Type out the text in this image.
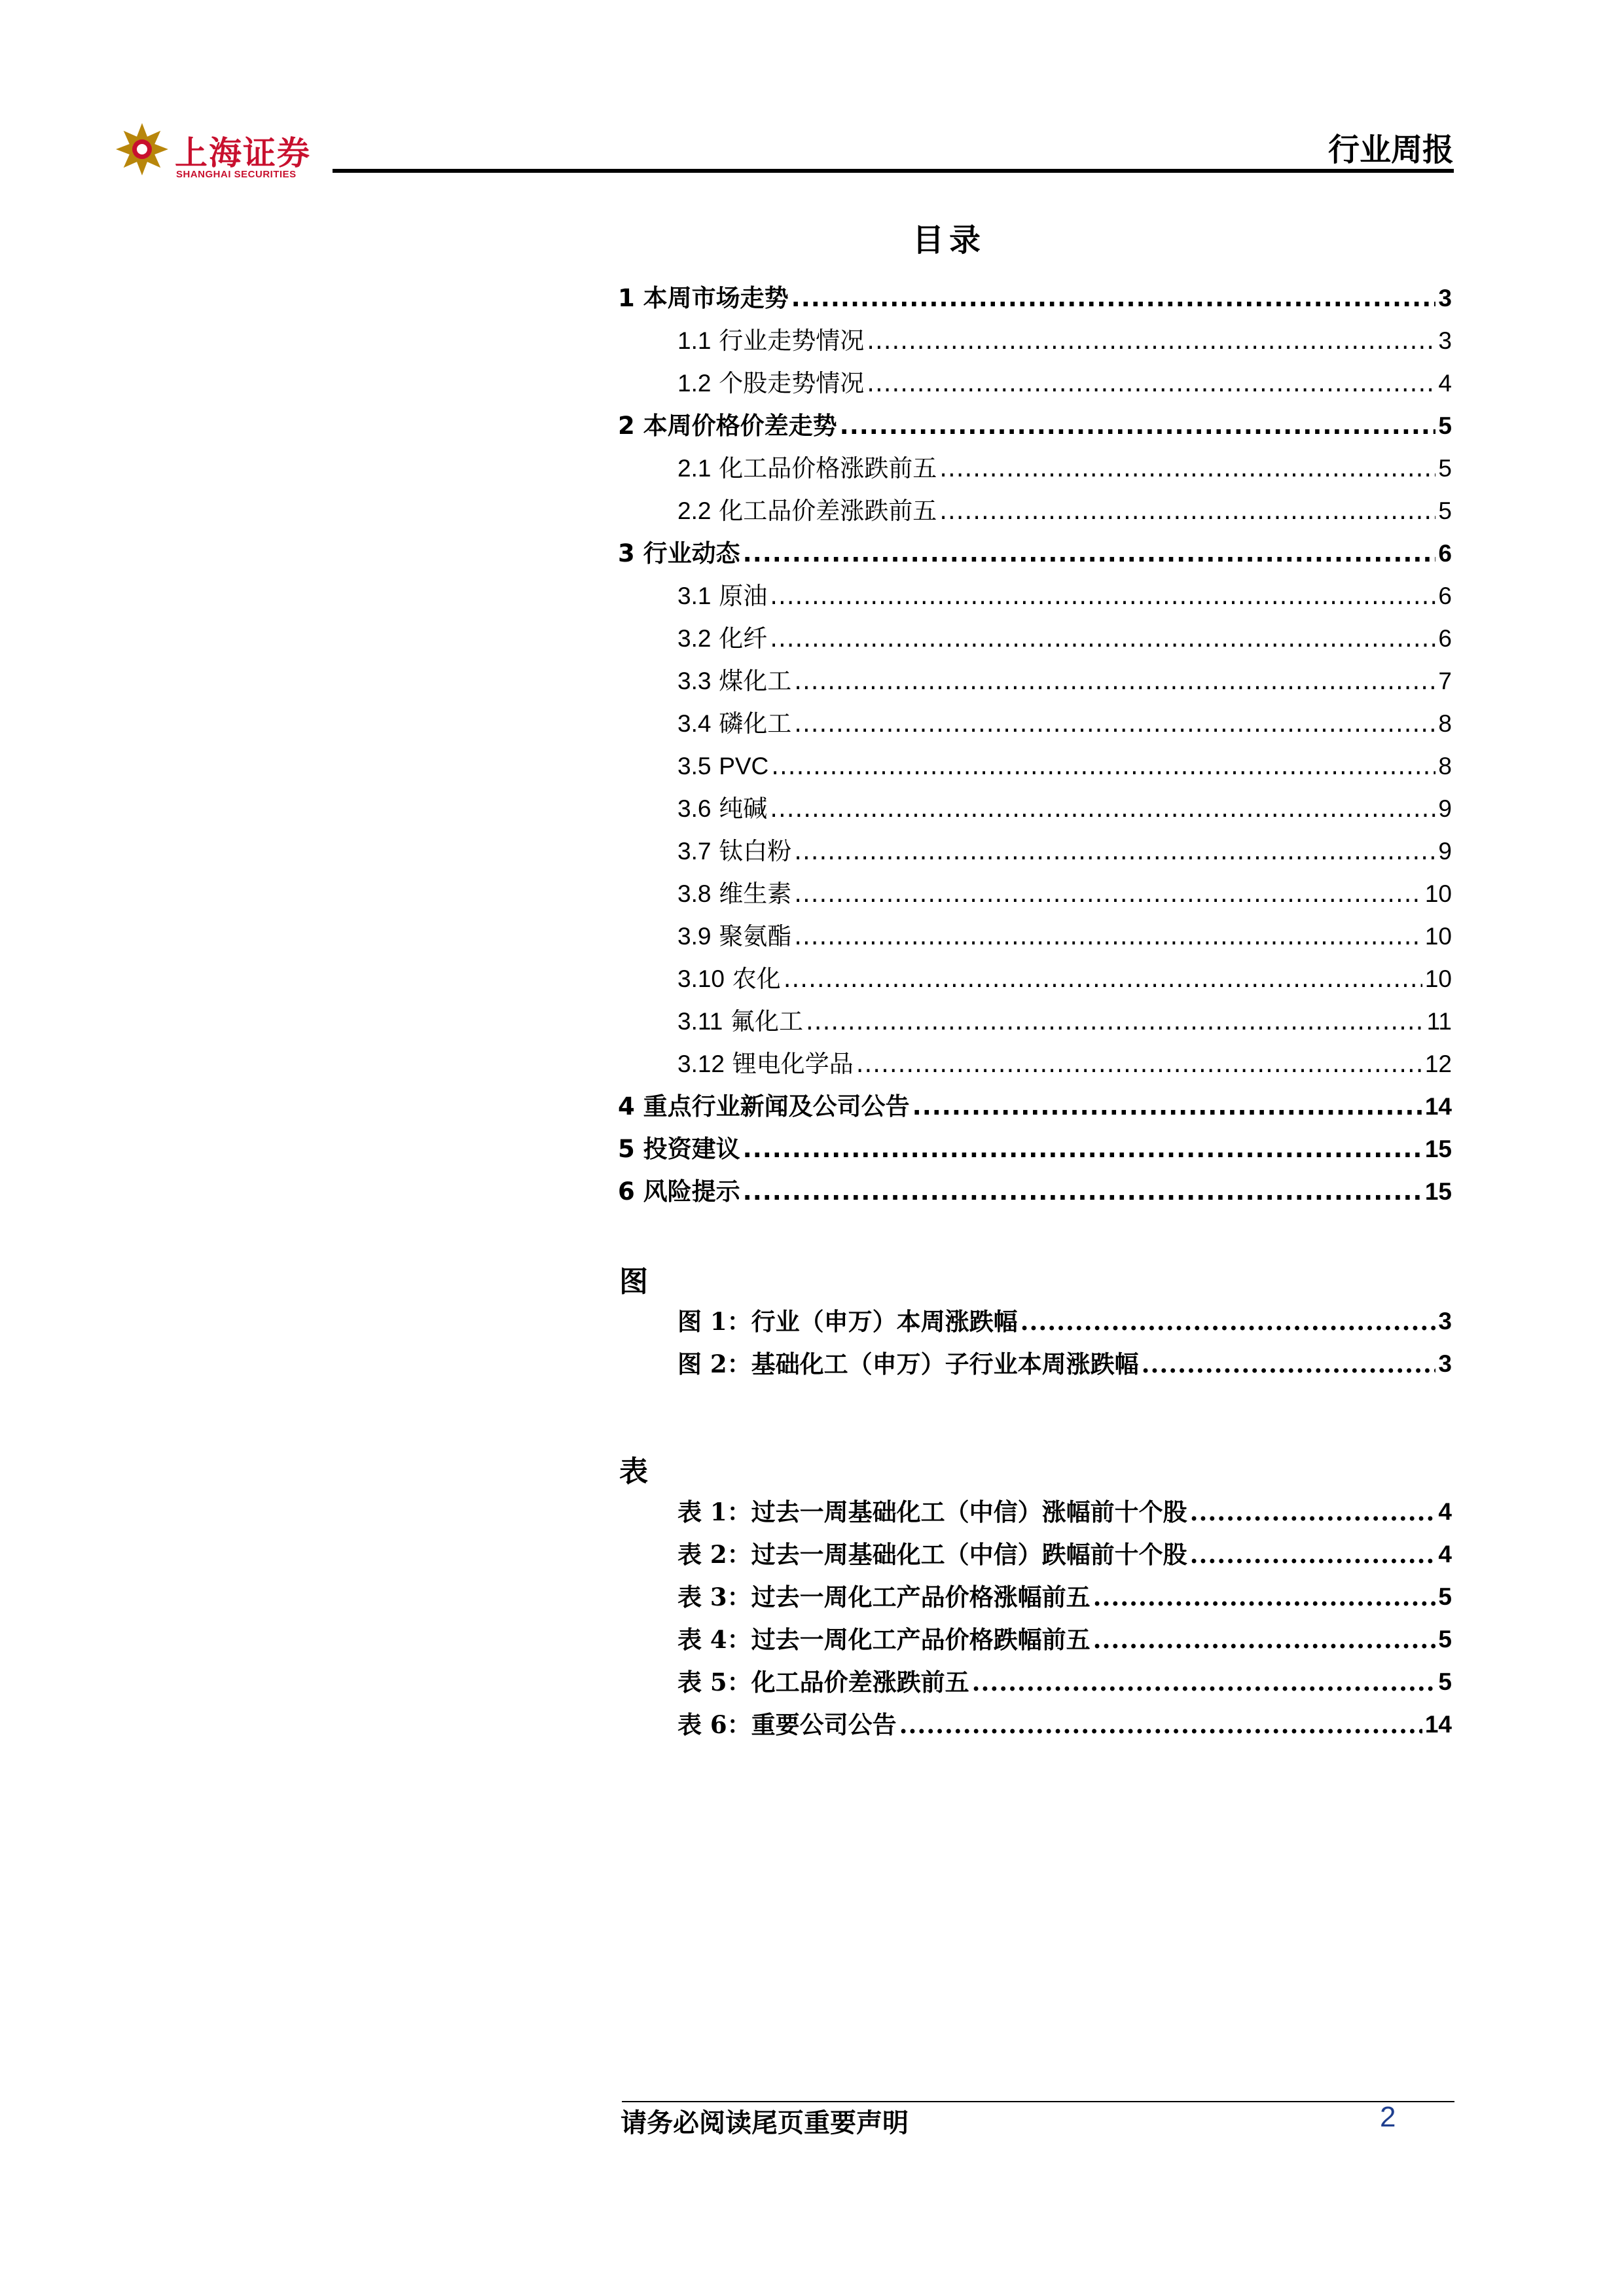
上海证券
SHANGHAI SECURITIES
行业周报
目录
1 本周市场走势 .....	3
1.1 行业走势情况 .....	3
1.2 个股走势情况 .....	4
2 本周价格价差走势 .....	5
2.1 化工品价格涨跌前五 .....	5
2.2 化工品价差涨跌前五 .....	5
3 行业动态 .....	6
3.1 原油 .....	6
3.2 化纤 .....	6
3.3 煤化工 .....	7
3.4 磷化工 .....	8
3.5 PVC .....	8
3.6 纯碱 .....	9
3.7 钛白粉 .....	9
3.8 维生素 .....	10
3.9 聚氨酯 .....	10
3.10 农化 .....	10
3.11 氟化工 .....	11
3.12 锂电化学品 .....	12
4 重点行业新闻及公司公告 .....	14
5 投资建议 .....	15
6 风险提示 .....	15
图
图 1：行业（申万）本周涨跌幅 .....	3
图 2：基础化工（申万）子行业本周涨跌幅 .....	3
表
表 1：过去一周基础化工（中信）涨幅前十个股 .....	4
表 2：过去一周基础化工（中信）跌幅前十个股 .....	4
表 3：过去一周化工产品价格涨幅前五 .....	5
表 4：过去一周化工产品价格跌幅前五 .....	5
表 5：化工品价差涨跌前五 .....	5
表 6：重要公司公告 .....	14
请务必阅读尾页重要声明	2
